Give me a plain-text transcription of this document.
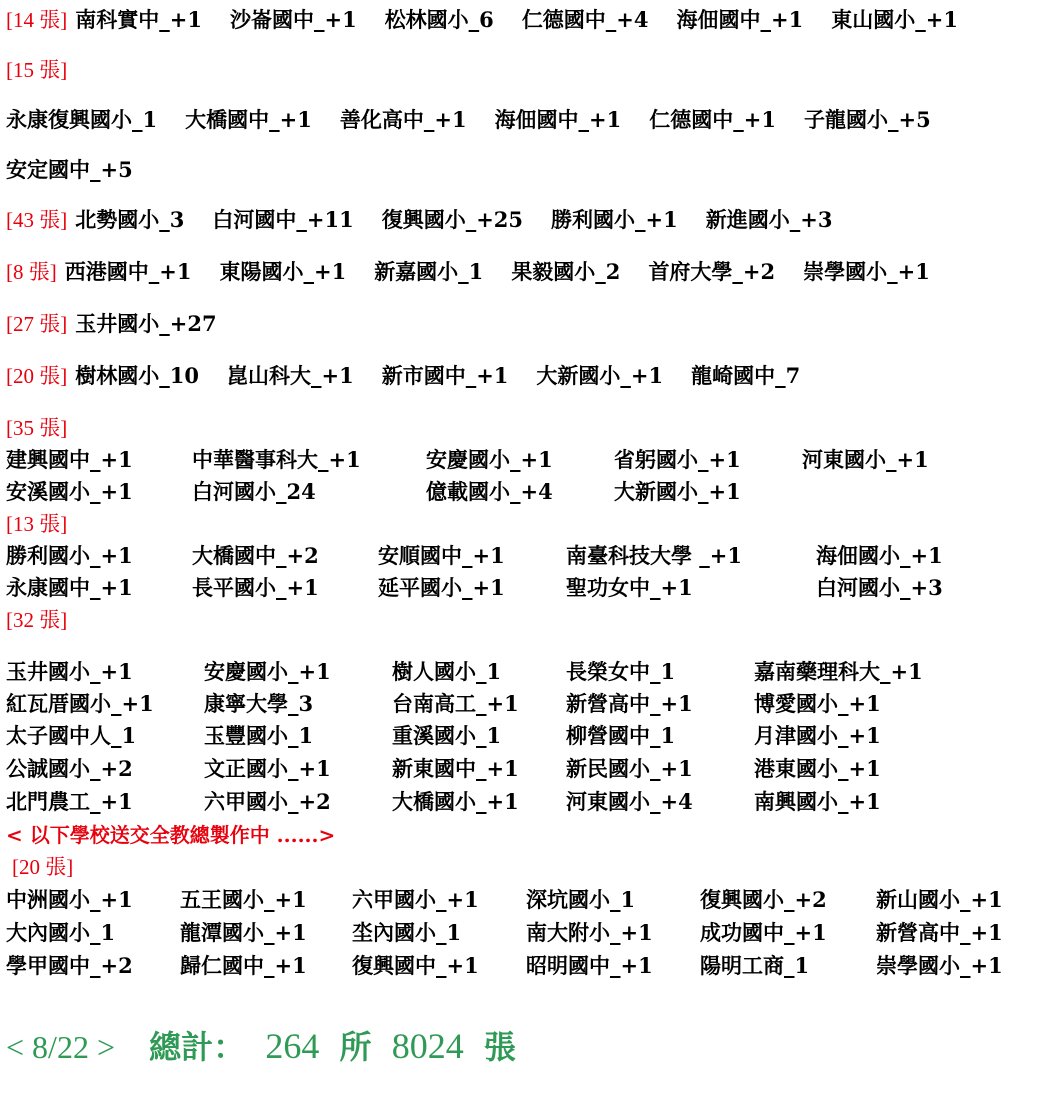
[14 張] 南科實中_+1 沙崙國中_+1 松林國小_6 仁德國中_+4 海佃國中_+1 東山國小_+1
[15 張]
永康復興國小_1 大橋國中_+1 善化高中_+1 海佃國中_+1 仁德國中_+1 子龍國小_+5
安定國中_+5
[43 張] 北勢國小_3 白河國中_+11 復興國小_+25 勝利國小_+1 新進國小_+3
[8 張] 西港國中_+1 東陽國小_+1 新嘉國小_1 果毅國小_2 首府大學_+2 崇學國小_+1
[27 張] 玉井國小_+27
[20 張] 樹林國小_10 崑山科大_+1 新市國中_+1 大新國小_+1 龍崎國中_7
[35 張]
建興國中_+1	中華醫事科大_+1	安慶國小_+1	省躬國小_+1	河東國小_+1
安溪國小_+1	白河國小_24	億載國小_+4	大新國小_+1
[13 張]
勝利國小_+1	大橋國中_+2	安順國中_+1	南臺科技大學 _+1	海佃國小_+1
永康國中_+1	長平國小_+1	延平國小_+1	聖功女中_+1	白河國小_+3
[32 張]
玉井國小_+1	安慶國小_+1	樹人國小_1	長榮女中_1	嘉南藥理科大_+1
紅瓦厝國小_+1 康寧大學_3	台南高工_+1 新營高中_+1	博愛國小_+1
太子國中人_1	玉豐國小_1	重溪國小_1	柳營國中_1	月津國小_+1
公誠國小_+2	文正國小_+1	新東國中_+1 新民國小_+1	港東國小_+1
北門農工_+1	六甲國小_+2	大橋國小_+1 河東國小_+4	南興國小_+1
< 以下學校送交全教總製作中 ......>
[20 張]
中洲國小_+1 五王國小_+1 六甲國小_+1 深坑國小_1	復興國小_+2 新山國小_+1
大內國小_1	龍潭國小_+1 坔內國小_1	南大附小_+1 成功國中_+1 新營高中_+1
學甲國中_+2 歸仁國中_+1 復興國中_+1 昭明國中_+1 陽明工商_1	崇學國小_+1
< 8/22 > 總計： 264 所 8024 張
